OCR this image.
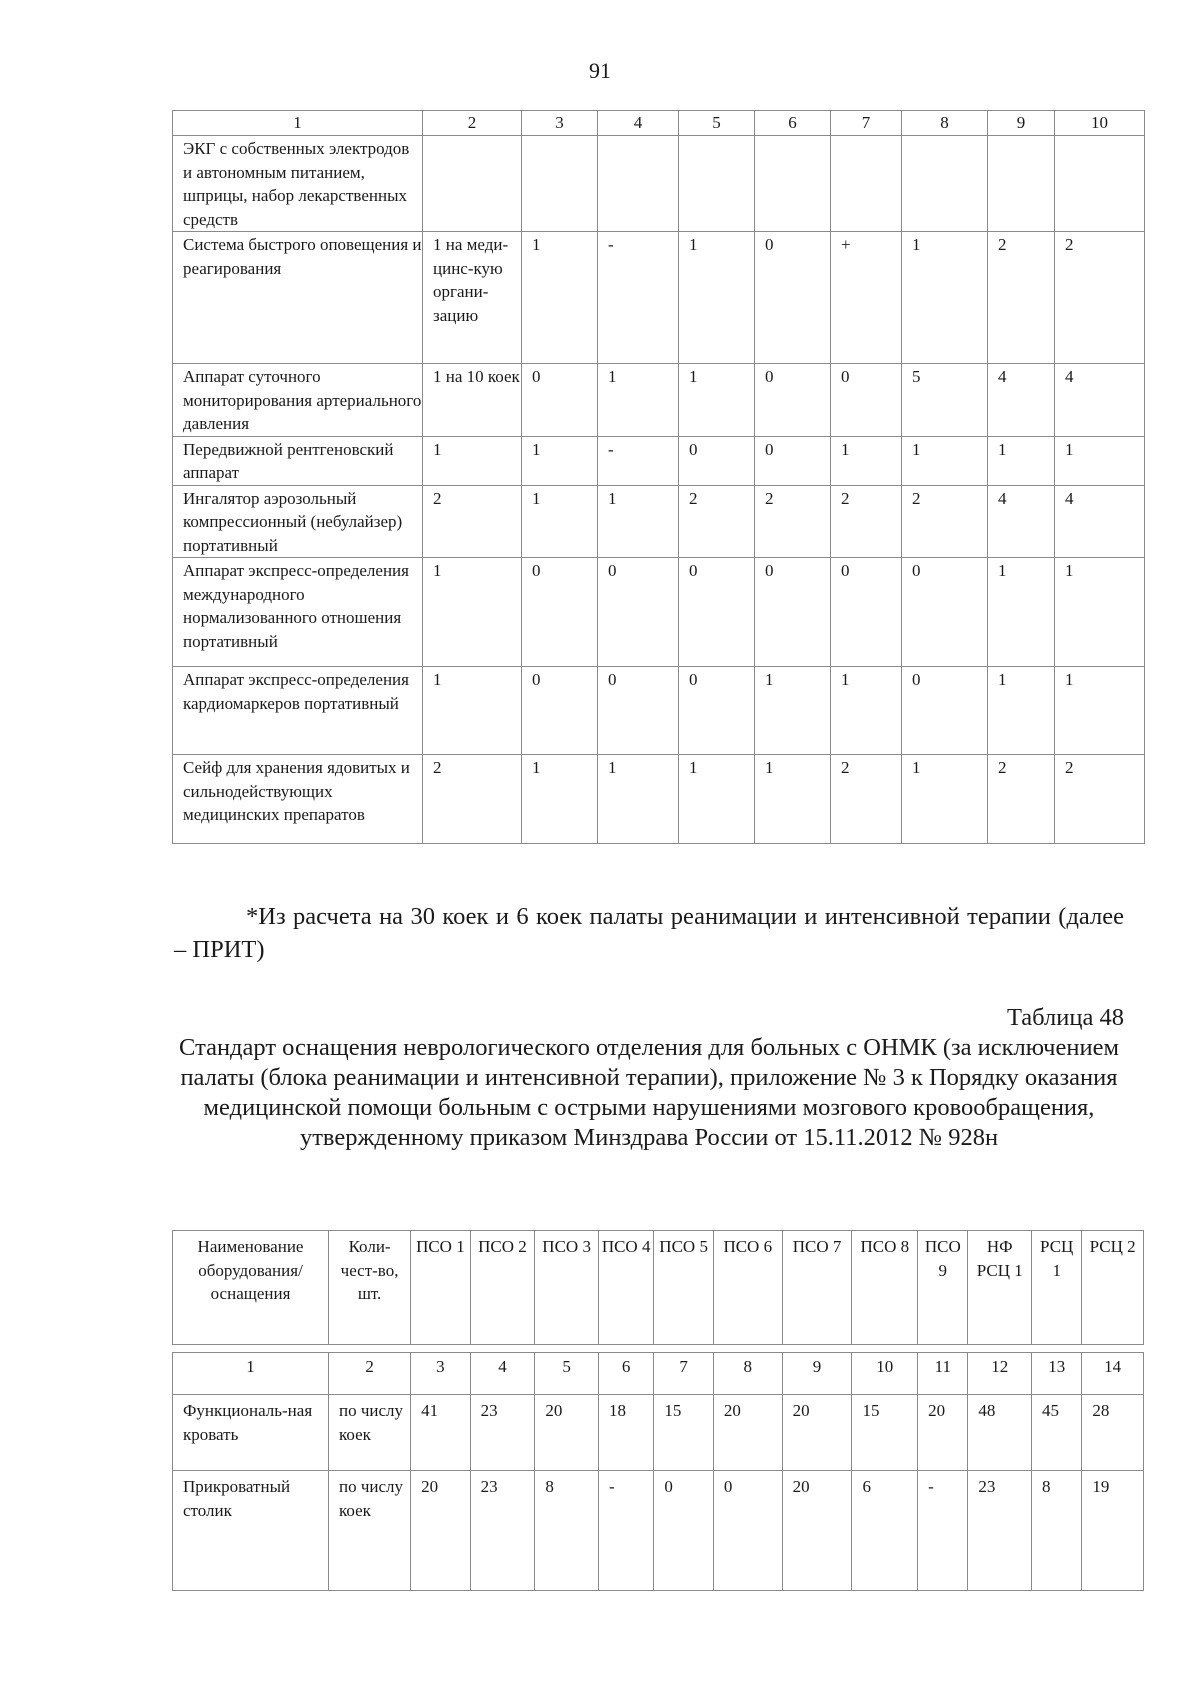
91
1	2	3	4	5	6	7	8	9	10
ЭКГ с собственных электродов и автономным питанием, шприцы, набор лекарственных средств									
Система быстрого оповещения и реагирования	1 на меди-цинс-кую органи-зацию	1	-	1	0	+	1	2	2
Аппарат суточного мониторирования артериального давления	1 на 10 коек	0	1	1	0	0	5	4	4
Передвижной рентгеновский аппарат	1	1	-	0	0	1	1	1	1
Ингалятор аэрозольный компрессионный (небулайзер) портативный	2	1	1	2	2	2	2	4	4
Аппарат экспресс-определения международного нормализованного отношения портативный	1	0	0	0	0	0	0	1	1
Аппарат экспресс-определения кардиомаркеров портативный	1	0	0	0	1	1	0	1	1
Сейф для хранения ядовитых и сильнодействующих медицинских препаратов	2	1	1	1	1	2	1	2	2
*Из расчета на 30 коек и 6 коек палаты реанимации и интенсивной терапии (далее – ПРИТ)
Таблица 48
Стандарт оснащения неврологического отделения для больных с ОНМК (за исключением палаты (блока реанимации и интенсивной терапии), приложение № 3 к Порядку оказания медицинской помощи больным с острыми нарушениями мозгового кровообращения, утвержденному приказом Минздрава России от 15.11.2012 № 928н
Наименование оборудования/ оснащения	Коли-чест-во, шт.	ПСО 1	ПСО 2	ПСО 3	ПСО 4	ПСО 5	ПСО 6	ПСО 7	ПСО 8	ПСО 9	НФ РСЦ 1	РСЦ 1	РСЦ 2

1	2	3	4	5	6	7	8	9	10	11	12	13	14
Функциональ-ная кровать	по числу коек	41	23	20	18	15	20	20	15	20	48	45	28
Прикроватный столик	по числу коек	20	23	8	-	0	0	20	6	-	23	8	19
